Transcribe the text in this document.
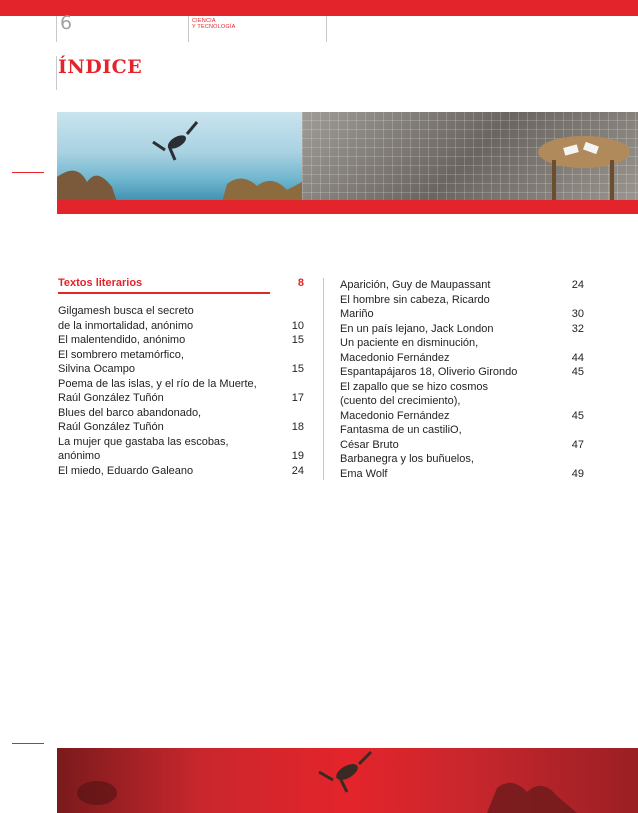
6	MINISTERIO DE EDUCACIÓN
CIENCIA
Y TECNOLOGÍA
ÍNDICE
Textos literarios	8
Gilgamesh busca el secreto
de la inmortalidad, anónimo	10
El malentendido, anónimo	15
El sombrero metamórfico,
Silvina Ocampo	15
Poema de las islas, y el río de la Muerte,
Raúl González Tuñón	17
Blues del barco abandonado,
Raúl González Tuñón	18
La mujer que gastaba las escobas,
anónimo	19
El miedo, Eduardo Galeano	24
Aparición, Guy de Maupassant	24
El hombre sin cabeza, Ricardo
Mariño	30
En un país lejano, Jack London	32
Un paciente en disminución,
Macedonio Fernández	44
Espantapájaros 18, Oliverio Girondo	45
El zapallo que se hizo cosmos
(cuento del crecimiento),
Macedonio Fernández	45
Fantasma de un castiliO,
César Bruto	47
Barbanegra y los buñuelos,
Ema Wolf	49
